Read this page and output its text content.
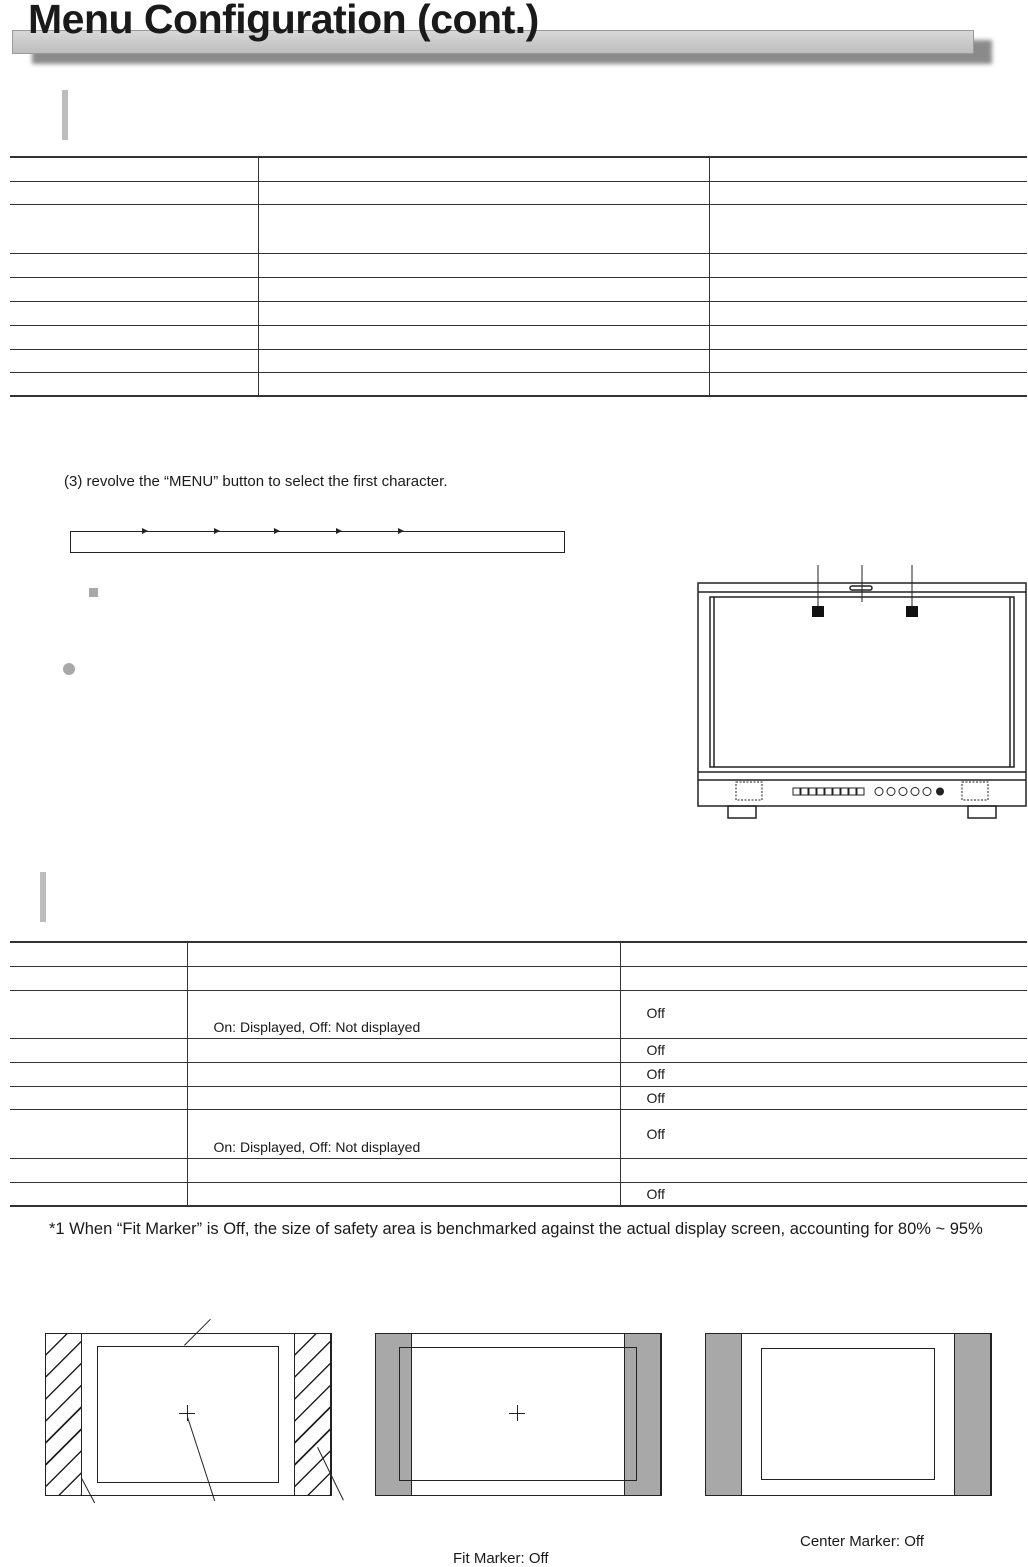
Menu Configuration (cont.)

(3) revolve the “MENU” button to select the first character.

	On: Displayed, Off: Not displayed	Off
		Off
		Off
		Off
	On: Displayed, Off: Not displayed	Off

		Off
*1 When “Fit Marker” is Off, the size of safety area is benchmarked against the actual display screen, accounting for 80% ~ 95%
Fit Marker: Off
Center Marker: Off
